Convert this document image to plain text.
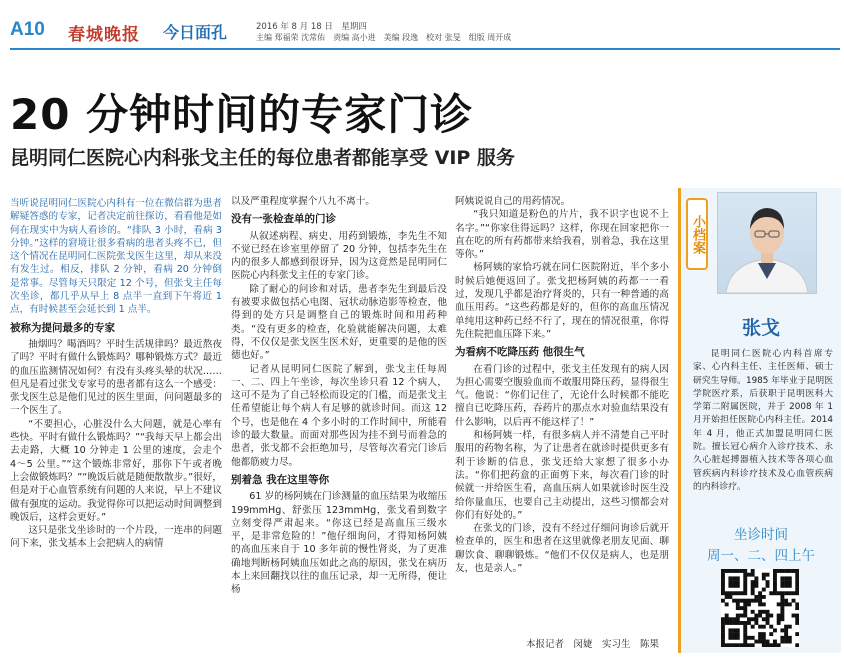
A10 春城晚报 今日面孔	2016 年 8 月 18 日　星期四
主编 郑福荣 沈常佑　责编 高小进　美编 段逸　校对 张旻　组版 周开成
20 分钟时间的专家门诊
昆明同仁医院心内科张戈主任的每位患者都能享受 VIP 服务

当听说昆明同仁医院心内科有一位在微信群为患者解疑答惑的专家，记者决定前往探访，看看他是如何在现实中为病人看诊的。“排队 3 小时，看病 3 分钟。”这样的窘境让很多看病的患者头疼不已，但这个情况在昆明同仁医院张戈医生这里，却从来没有发生过。相反，排队 2 分钟，看病 20 分钟倒是常事。尽管每天只限定 12 个号，但张戈主任每次坐诊，都几乎从早上 8 点半一直到下午将近 1 点，有时候甚至会延长到 1 点半。

被称为提问最多的专家

抽烟吗？喝酒吗？平时生活规律吗？最近熬夜了吗？平时有做什么锻炼吗？哪种锻炼方式？最近的血压监测情况如何？有没有头疼头晕的状况……但凡是看过张戈专家号的患者都有这么一个感受：张戈医生总是他们见过的医生里面，问问题最多的一个医生了。

“不要担心，心脏没什么大问题，就是心率有些快。平时有做什么锻炼吗？”“我每天早上都会出去走路，大概 10 分钟走 1 公里的速度，会走个 4～5 公里。”“这个锻炼非常好，那你下午或者晚上会做锻炼吗？”“晚饭后就是随便散散步。”很好，但是对于心血管系统有问题的人来说，早上不建议做有强度的运动。我觉得你可以把运动时间调整到晚饭后，这样会更好。”

这只是张戈坐诊时的一个片段，一连串的问题问下来，张戈基本上会把病人的病情

以及严重程度掌握个八九不离十。

没有一张检查单的门诊

从叙述病程、病史、用药到锻炼，李先生不知不觉已经在诊室里停留了 20 分钟，包括李先生在内的很多人都感到很讶异，因为这竟然是昆明同仁医院心内科张戈主任的专家门诊。

除了耐心的问诊和对话，患者李先生到最后没有被要求做包括心电图、冠状动脉造影等检查，他得到的处方只是调整自己的锻炼时间和用药种类。“没有更多的检查，化验就能解决问题，太难得，不仅仅是张戈医生医术好，更重要的是他的医德也好。”

记者从昆明同仁医院了解到，张戈主任每周一、二、四上午坐诊，每次坐诊只看 12 个病人，这可不是为了自己轻松而设定的门槛，而是张戈主任希望能让每个病人有足够的就诊时间。而这 12 个号，也是他在 4 个多小时的工作时间中，所能看诊的最大数量。而面对那些因为挂不到号而着急的患者，张戈都不会拒绝加号，尽管每次看完门诊后他都筋疲力尽。

别着急 我在这里等你

61 岁的杨阿姨在门诊测量的血压结果为收缩压 199mmHg、舒张压 123mmHg，张戈看到数字立刻变得严肃起来。“你这已经是高血压三级水平，是非常危险的！”他仔细询问，才得知杨阿姨的高血压来自于 10 多年前的慢性肾炎，为了更准确地判断杨阿姨血压如此之高的原因，张戈在病历本上来回翻找以往的血压记录，却一无所得，便让杨

阿姨说说自己的用药情况。

“我只知道是粉色的片片，我不识字也说不上名字。”“你家住得远吗？这样，你现在回家把你一直在吃的所有药都带来给我看，别着急，我在这里等你。”

杨阿姨的家恰巧就在同仁医院附近，半个多小时候后她便返回了。张戈把杨阿姨的药都一一看过，发现几乎都是治疗肾炎的，只有一种普通的高血压用药。“这些药都是好的，但你的高血压情况单纯用这种药已经不行了，现在的情况很重，你得先住院把血压降下来。”

为看病不吃降压药 他很生气

在看门诊的过程中，张戈主任发现有的病人因为担心需要空腹验血而不敢服用降压药，显得很生气。他说：“你们记住了，无论什么时候都不能吃擅自已吃降压药，吞药片的那点水对验血结果没有什么影响，以后再不能这样了！”

和杨阿姨一样，有很多病人并不清楚自己平时服用的药物名称，为了让患者在就诊时提供更多有利于诊断的信息，张戈还给大家想了很多小办法。“你们把药盒的正面剪下来，每次看门诊的时候就一并给医生看，高血压病人如果就诊时医生没给你量血压，也要自己主动提出，这些习惯都会对你们有好处的。”

在张戈的门诊，没有不经过仔细问询诊后就开检查单的，医生和患者在这里就像老朋友见面、聊聊饮食、聊聊锻炼。“他们不仅仅是病人，也是朋友，也是亲人。”

本报记者　闵婕　实习生　陈果
小档案
张戈

昆明同仁医院心内科首席专家、心内科主任、主任医师、硕士研究生导师。1985 年毕业于昆明医学院医疗系，后获职于昆明医科大学第二附属医院，并于 2008 年 1 月开始担任医院心内科主任。2014 年 4 月，他正式加盟昆明同仁医院。擅长冠心病介入诊疗技术、永久心脏起搏器植入技术等各项心血管疾病内科诊疗技术及心血管疾病的内科诊疗。

坐诊时间
周一、二、四上午
